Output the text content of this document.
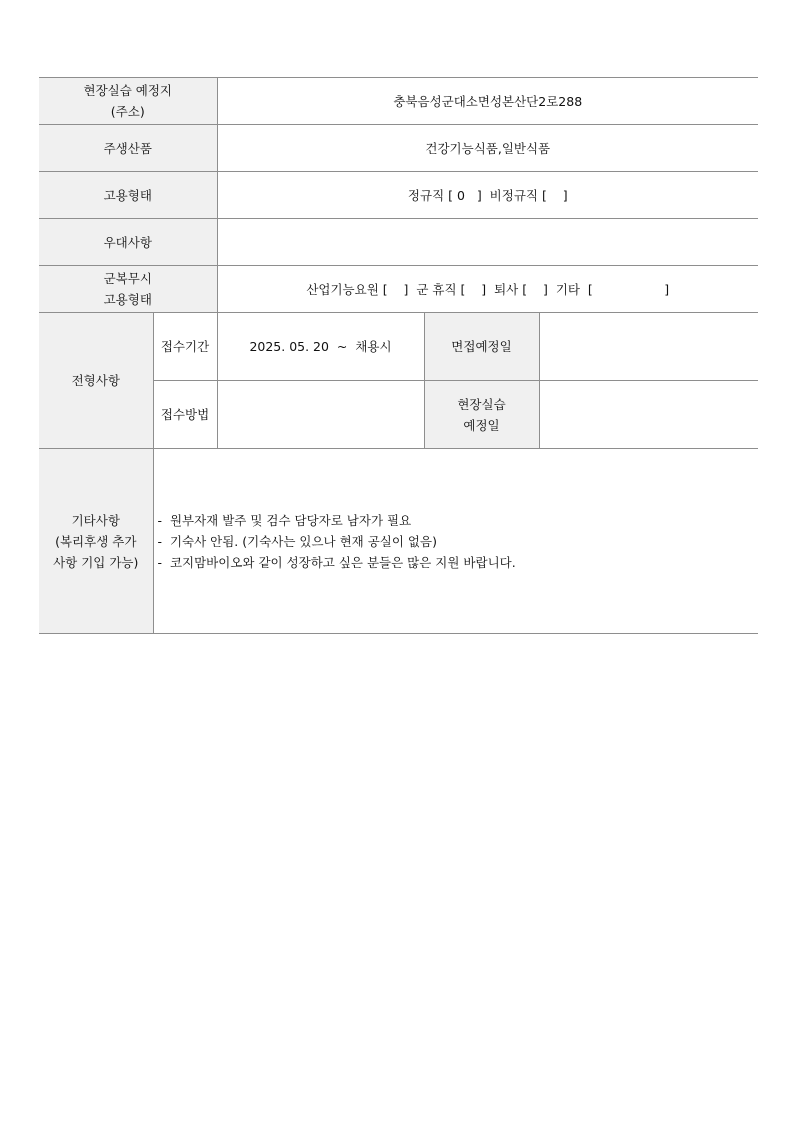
현장실습 예정지
(주소)		충북음성군대소면성본산단2로288		
주생산품		건강기능식품,일반식품		
고용형태		정규직 [ 0   ]  비정규직 [    ]		
우대사항				

군복무시
고용형태		산업기능요원 [    ]  군 휴직 [    ]  퇴사 [    ]  기타  [                  ]		
전형사항	접수기간	2025. 05. 20  ~  채용시	면접예정일	
	접수방법		현장실습
예정일	

기타사항
(복리후생 추가
사항 기입 가능)	-  원부자재 발주 및 검수 담당자로 남자가 필요
-  기숙사 안됨. (기숙사는 있으나 현재 공실이 없음)
-  코지맘바이오와 같이 성장하고 싶은 분들은 많은 지원 바랍니다.			
